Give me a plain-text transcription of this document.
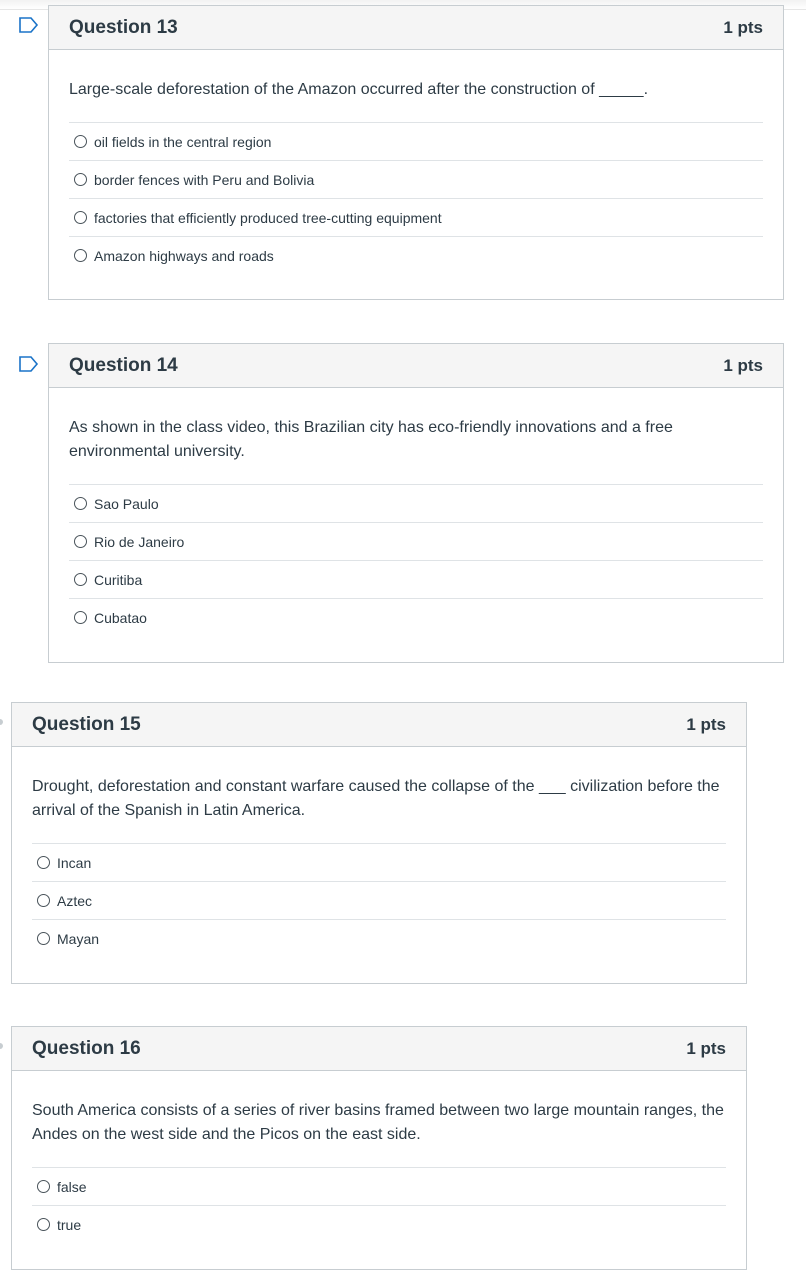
Question 13	1 pts

Large-scale deforestation of the Amazon occurred after the construction of _____.

oil fields in the central region
border fences with Peru and Bolivia
factories that efficiently produced tree-cutting equipment
Amazon highways and roads
Question 14	1 pts

As shown in the class video, this Brazilian city has eco-friendly innovations and a free environmental university.

Sao Paulo
Rio de Janeiro
Curitiba
Cubatao
Question 15	1 pts

Drought, deforestation and constant warfare caused the collapse of the ___ civilization before the arrival of the Spanish in Latin America.

Incan
Aztec
Mayan
Question 16	1 pts

South America consists of a series of river basins framed between two large mountain ranges, the Andes on the west side and the Picos on the east side.

false
true
